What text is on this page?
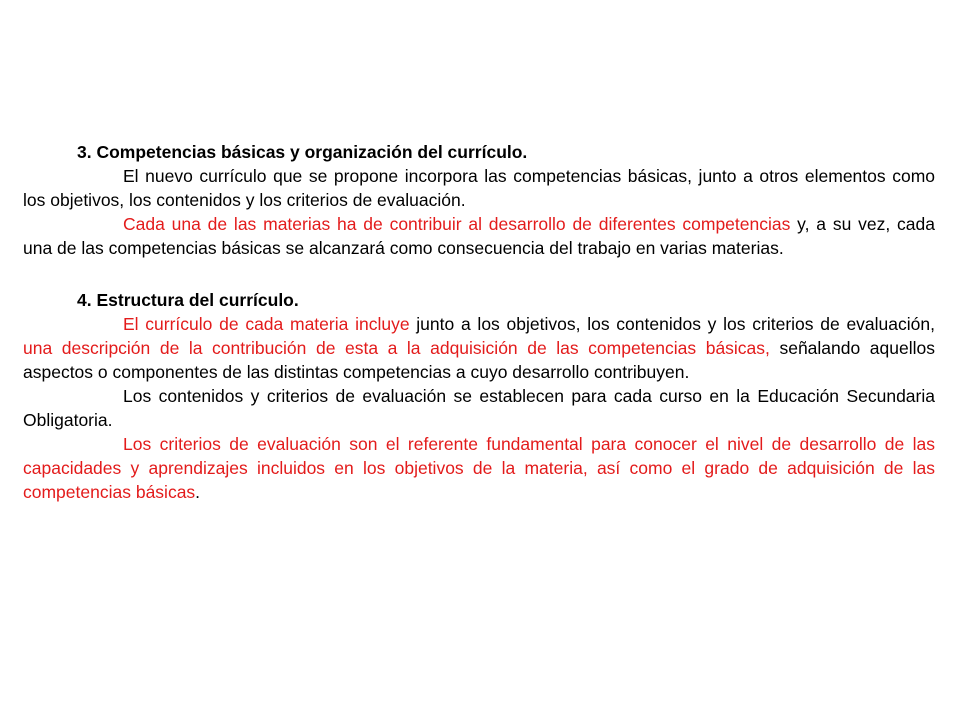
3. Competencias básicas y organización del currículo.

El nuevo currículo que se propone incorpora las competencias básicas, junto a otros elementos como los objetivos, los contenidos y los criterios de evaluación.

Cada una de las materias ha de contribuir al desarrollo de diferentes competencias y, a su vez, cada una de las competencias básicas se alcanzará como consecuencia del trabajo en varias materias.

4. Estructura del currículo.

El currículo de cada materia incluye junto a los objetivos, los contenidos y los criterios de evaluación, una descripción de la contribución de esta a la adquisición de las competencias básicas, señalando aquellos aspectos o componentes de las distintas competencias a cuyo desarrollo contribuyen.

Los contenidos y criterios de evaluación se establecen para cada curso en la Educación Secundaria Obligatoria.

Los criterios de evaluación son el referente fundamental para conocer el nivel de desarrollo de las capacidades y aprendizajes incluidos en los objetivos de la materia, así como el grado de adquisición de las competencias básicas.
